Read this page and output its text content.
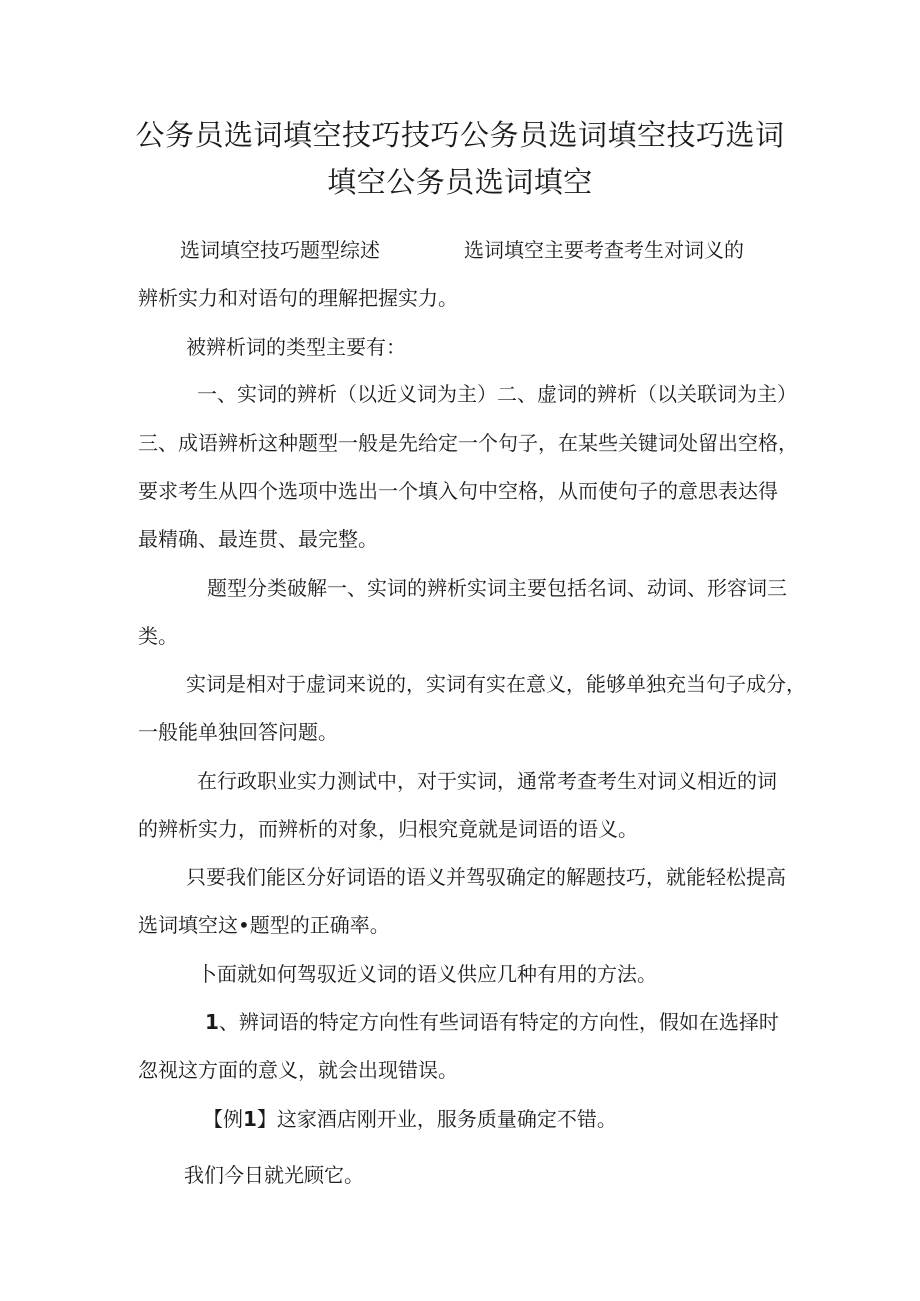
公务员选词填空技巧技巧公务员选词填空技巧选词
填空公务员选词填空
选词填空技巧题型综述	选词填空主要考查考生对词义的
辨析实力和对语句的理解把握实力。
被辨析词的类型主要有：
一、实词的辨析（以近义词为主）二、虚词的辨析（以关联词为主）
三、成语辨析这种题型一般是先给定一个句子，在某些关键词处留出空格，
要求考生从四个选项中选出一个填入句中空格，从而使句子的意思表达得
最精确、最连贯、最完整。
题型分类破解一、实词的辨析实词主要包括名词、动词、形容词三
类。
实词是相对于虚词来说的，实词有实在意义，能够单独充当句子成分，
一般能单独回答问题。
在行政职业实力测试中，对于实词，通常考查考生对词义相近的词
的辨析实力，而辨析的对象，归根究竟就是词语的语义。
只要我们能区分好词语的语义并驾驭确定的解题技巧，就能轻松提高
选词填空这•题型的正确率。
卜面就如何驾驭近义词的语义供应几种有用的方法。
1、辨词语的特定方向性有些词语有特定的方向性，假如在选择时
忽视这方面的意义，就会出现错误。
【例1】这家酒店刚开业，服务质量确定不错。
我们今日就光顾它。
